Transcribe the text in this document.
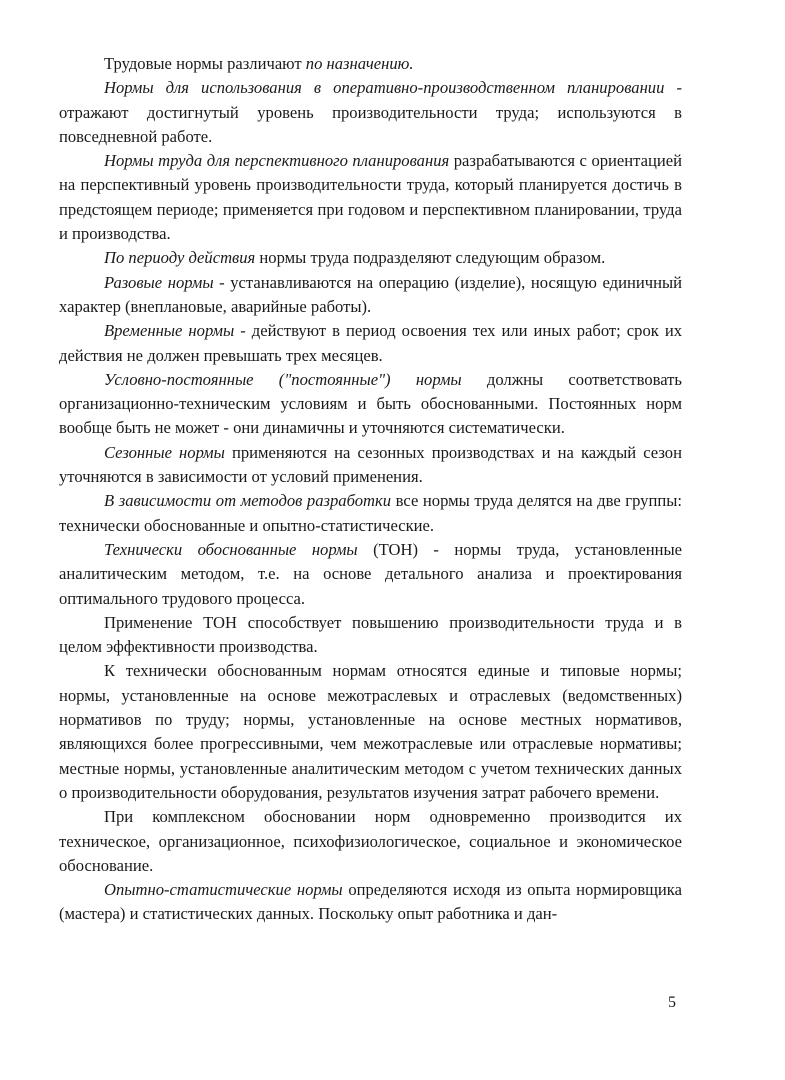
Трудовые нормы различают по назначению.

Нормы для использования в оперативно-производственном планировании - отражают достигнутый уровень производительности труда; используются в повседневной работе.

Нормы труда для перспективного планирования разрабатываются с ориентацией на перспективный уровень производительности труда, который планируется достичь в предстоящем периоде; применяется при годовом и перспективном планировании, труда и производства.

По периоду действия нормы труда подразделяют следующим образом.

Разовые нормы - устанавливаются на операцию (изделие), носящую единичный характер (внеплановые, аварийные работы).

Временные нормы - действуют в период освоения тех или иных работ; срок их действия не должен превышать трех месяцев.

Условно-постоянные ("постоянные") нормы должны соответствовать организационно-техническим условиям и быть обоснованными. Постоянных норм вообще быть не может - они динамичны и уточняются систематически.

Сезонные нормы применяются на сезонных производствах и на каждый сезон уточняются в зависимости от условий применения.

В зависимости от методов разработки все нормы труда делятся на две группы: технически обоснованные и опытно-статистические.

Технически обоснованные нормы (ТОН) - нормы труда, установленные аналитическим методом, т.е. на основе детального анализа и проектирования оптимального трудового процесса.

Применение ТОН способствует повышению производительности труда и в целом эффективности производства.

К технически обоснованным нормам относятся единые и типовые нормы; нормы, установленные на основе межотраслевых и отраслевых (ведомственных) нормативов по труду; нормы, установленные на основе местных нормативов, являющихся более прогрессивными, чем межотраслевые или отраслевые нормативы; местные нормы, установленные аналитическим методом с учетом технических данных о производительности оборудования, результатов изучения затрат рабочего времени.

При комплексном обосновании норм одновременно производится их техническое, организационное, психофизиологическое, социальное и экономическое обоснование.

Опытно-статистические нормы определяются исходя из опыта нормировщика (мастера) и статистических данных. Поскольку опыт работника и дан-

5
